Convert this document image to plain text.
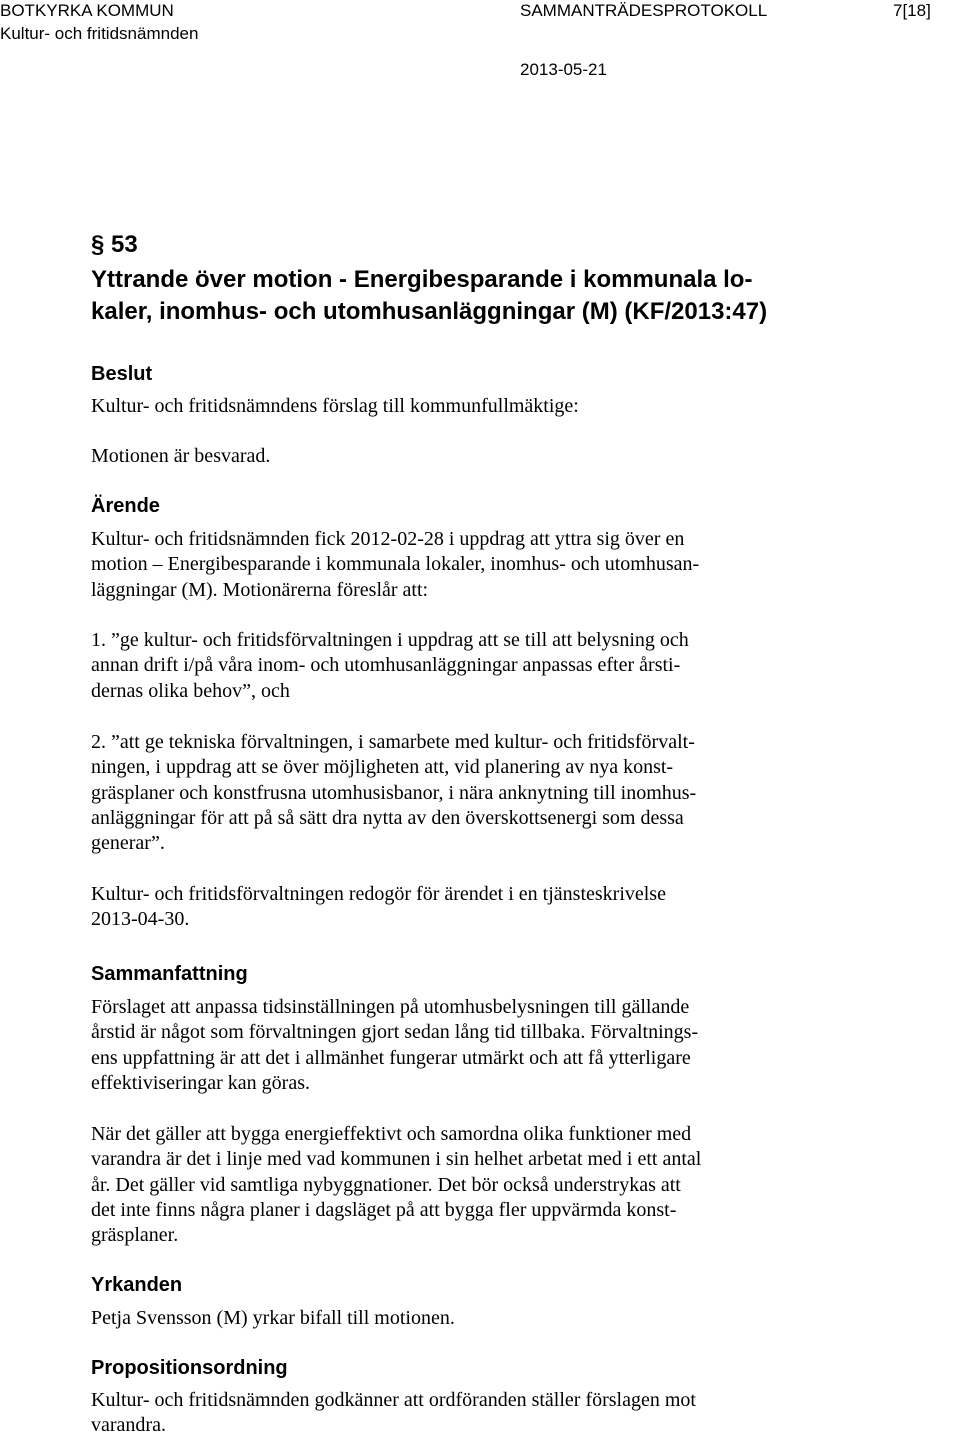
BOTKYRKA KOMMUN	SAMMANTRÄDESPROTOKOLL	7[18]
Kultur- och fritidsnämnden
2013-05-21
§ 53
Yttrande över motion - Energibesparande i kommunala lo-
kaler, inomhus- och utomhusanläggningar (M) (KF/2013:47)
Beslut
Kultur- och fritidsnämndens förslag till kommunfullmäktige:
Motionen är besvarad.
Ärende
Kultur- och fritidsnämnden fick 2012-02-28 i uppdrag att yttra sig över en
motion – Energibesparande i kommunala lokaler, inomhus- och utomhusan-
läggningar (M). Motionärerna föreslår att:
1. ”ge kultur- och fritidsförvaltningen i uppdrag att se till att belysning och
annan drift i/på våra inom- och utomhusanläggningar anpassas efter årsti-
dernas olika behov”, och
2. ”att ge tekniska förvaltningen, i samarbete med kultur- och fritidsförvalt-
ningen, i uppdrag att se över möjligheten att, vid planering av nya konst-
gräsplaner och konstfrusna utomhusisbanor, i nära anknytning till inomhus-
anläggningar för att på så sätt dra nytta av den överskottsenergi som dessa
generar”.
Kultur- och fritidsförvaltningen redogör för ärendet i en tjänsteskrivelse
2013-04-30.
Sammanfattning
Förslaget att anpassa tidsinställningen på utomhusbelysningen till gällande
årstid är något som förvaltningen gjort sedan lång tid tillbaka. Förvaltnings-
ens uppfattning är att det i allmänhet fungerar utmärkt och att få ytterligare
effektiviseringar kan göras.
När det gäller att bygga energieffektivt och samordna olika funktioner med
varandra är det i linje med vad kommunen i sin helhet arbetat med i ett antal
år. Det gäller vid samtliga nybyggnationer. Det bör också understrykas att
det inte finns några planer i dagsläget på att bygga fler uppvärmda konst-
gräsplaner.
Yrkanden
Petja Svensson (M) yrkar bifall till motionen.
Propositionsordning
Kultur- och fritidsnämnden godkänner att ordföranden ställer förslagen mot
varandra.
